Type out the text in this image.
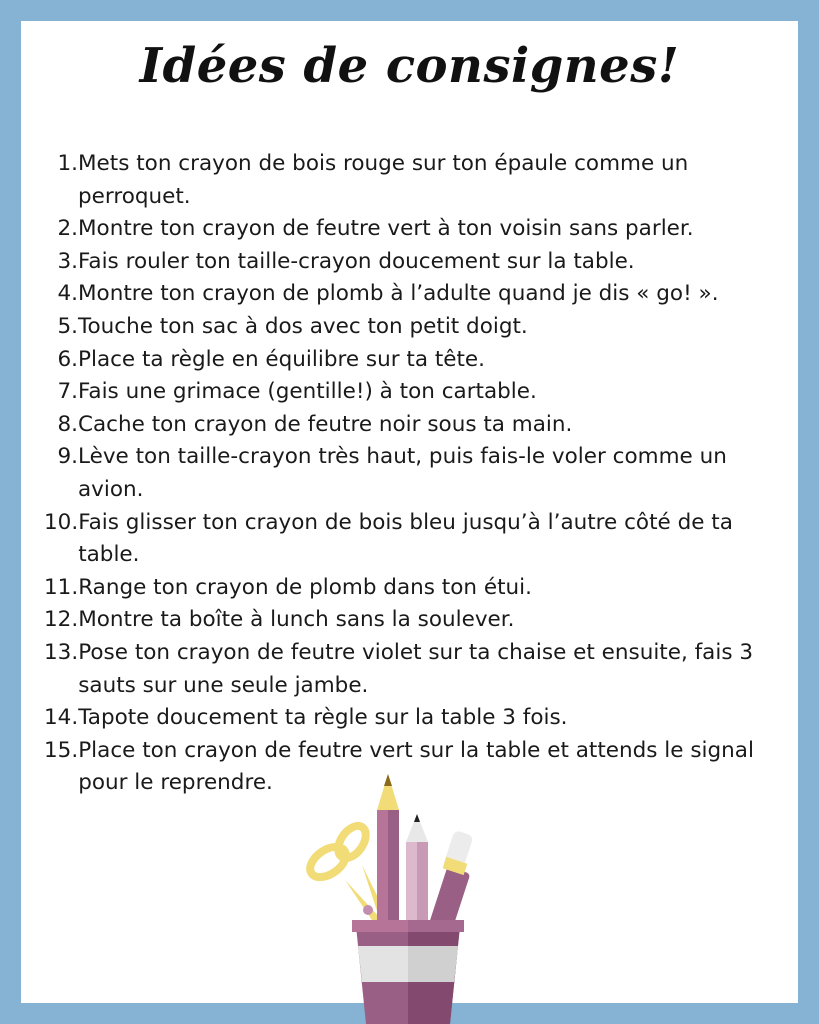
Idées de consignes!
1. Mets ton crayon de bois rouge sur ton épaule comme un perroquet.
2. Montre ton crayon de feutre vert à ton voisin sans parler.
3. Fais rouler ton taille-crayon doucement sur la table.
4. Montre ton crayon de plomb à l’adulte quand je dis « go! ».
5. Touche ton sac à dos avec ton petit doigt.
6. Place ta règle en équilibre sur ta tête.
7. Fais une grimace (gentille!) à ton cartable.
8. Cache ton crayon de feutre noir sous ta main.
9. Lève ton taille-crayon très haut, puis fais-le voler comme un avion.
10. Fais glisser ton crayon de bois bleu jusqu’à l’autre côté de ta table.
11. Range ton crayon de plomb dans ton étui.
12. Montre ta boîte à lunch sans la soulever.
13. Pose ton crayon de feutre violet sur ta chaise et ensuite, fais 3 sauts sur une seule jambe.
14. Tapote doucement ta règle sur la table 3 fois.
15. Place ton crayon de feutre vert sur la table et attends le signal pour le reprendre.
